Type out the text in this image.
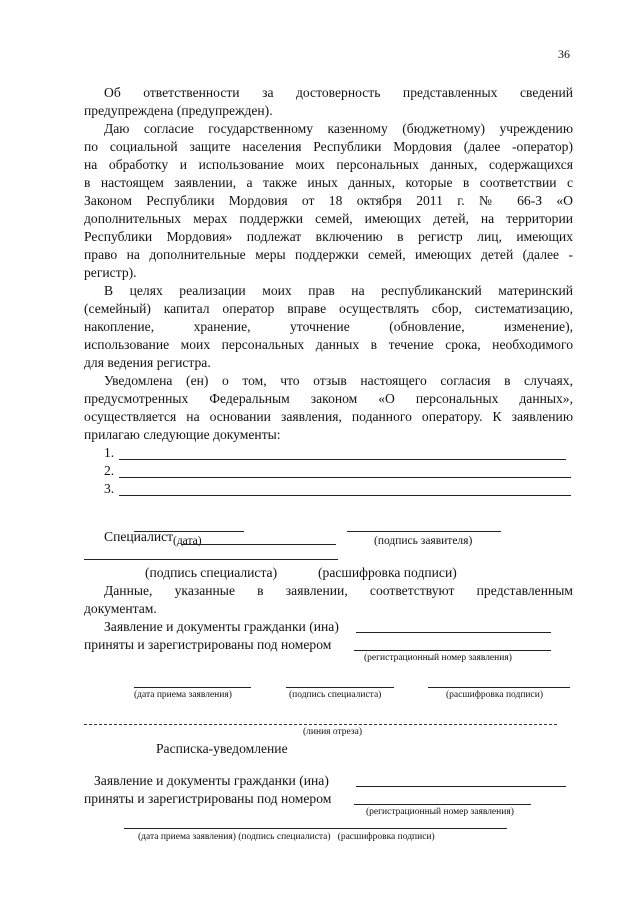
36
Об ответственности за достоверность представленных сведений
предупреждена (предупрежден).
Даю согласие государственному казенному (бюджетному) учреждению
по социальной защите населения Республики Мордовия (далее -оператор)
на обработку и использование моих персональных данных, содержащихся
в настоящем заявлении, а также иных данных, которые в соответствии с
Законом Республики Мордовия от 18 октября 2011 г. № 66-З «О
дополнительных мерах поддержки семей, имеющих детей, на территории
Республики Мордовия» подлежат включению в регистр лиц, имеющих
право на дополнительные меры поддержки семей, имеющих детей (далее -
регистр).
В целях реализации моих прав на республиканский материнский
(семейный) капитал оператор вправе осуществлять сбор, систематизацию,
накопление, хранение, уточнение (обновление, изменение),
использование моих персональных данных в течение срока, необходимого
для ведения регистра.
Уведомлена (ен) о том, что отзыв настоящего согласия в случаях,
предусмотренных Федеральным законом «О персональных данных»,
осуществляется на основании заявления, поданного оператору. К заявлению
прилагаю следующие документы:
1.
2.
3.
(дата)	(подпись заявителя)
Специалист
(подпись специалиста)	(расшифровка подписи)
Данные, указанные в заявлении, соответствуют представленным
документам.
Заявление и документы гражданки (ина)
приняты и зарегистрированы под номером
(регистрационный номер заявления)
(дата приема заявления)	(подпись специалиста)	(расшифровка подписи)
(линия отреза)
Расписка-уведомление
Заявление и документы гражданки (ина)
приняты и зарегистрированы под номером
(регистрационный номер заявления)
(дата приема заявления) (подпись специалиста)   (расшифровка подписи)
